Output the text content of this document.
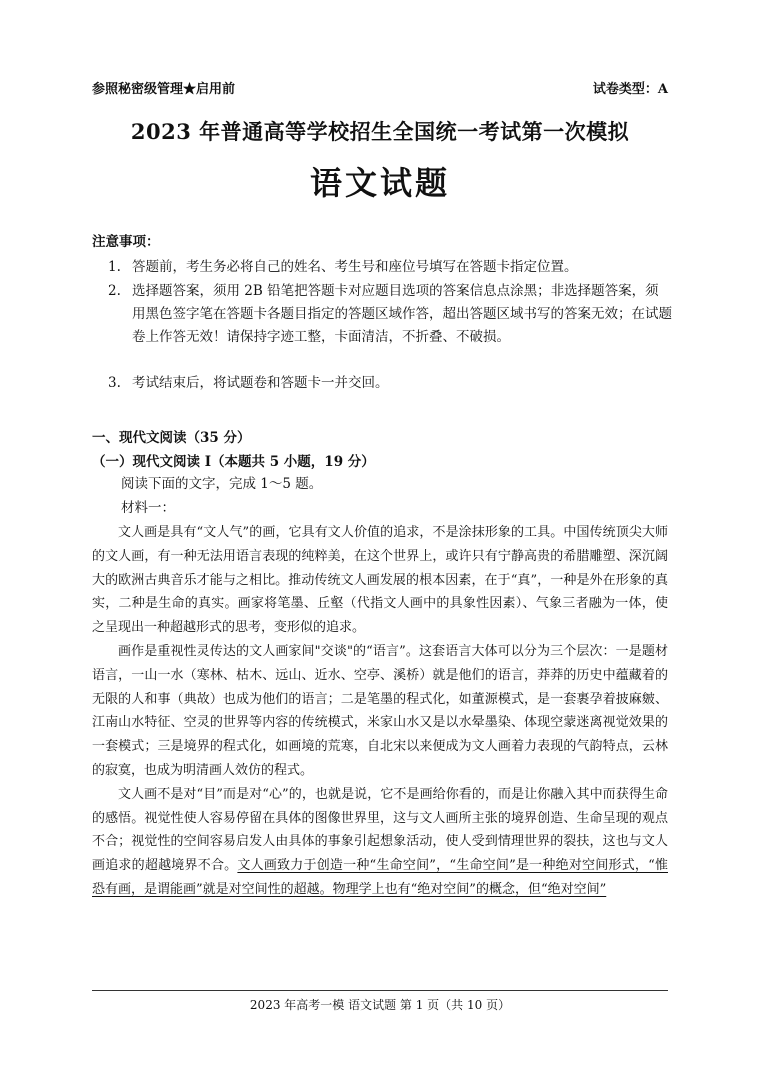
参照秘密级管理★启用前	试卷类型：A
2023 年普通高等学校招生全国统一考试第一次模拟
语文试题
注意事项：
1. 答题前，考生务必将自己的姓名、考生号和座位号填写在答题卡指定位置。
2. 选择题答案，须用 2B 铅笔把答题卡对应题目选项的答案信息点涂黑；非选择题答案，须用黑色签字笔在答题卡各题目指定的答题区域作答，超出答题区域书写的答案无效；在试题卷上作答无效！请保持字迹工整，卡面清洁，不折叠、不破损。
3. 考试结束后，将试题卷和答题卡一并交回。
一、现代文阅读（35 分）
（一）现代文阅读 I（本题共 5 小题，19 分）
阅读下面的文字，完成 1～5 题。
材料一：

文人画是具有“文人气”的画，它具有文人价值的追求，不是涂抹形象的工具。中国传统顶尖大师的文人画，有一种无法用语言表现的纯粹美，在这个世界上，或许只有宁静高贵的希腊雕塑、深沉阔大的欧洲古典音乐才能与之相比。推动传统文人画发展的根本因素，在于“真”，一种是外在形象的真实，二种是生命的真实。画家将笔墨、丘壑（代指文人画中的具象性因素）、气象三者融为一体，使之呈现出一种超越形式的思考，变形似的追求。

画作是重视性灵传达的文人画家间"交谈"的“语言”。这套语言大体可以分为三个层次：一是题材语言，一山一水（寒林、枯木、远山、近水、空亭、溪桥）就是他们的语言，莽莽的历史中蕴藏着的无限的人和事（典故）也成为他们的语言；二是笔墨的程式化，如董源模式，是一套裹孕着披麻皴、江南山水特征、空灵的世界等内容的传统模式，米家山水又是以水晕墨染、体现空蒙迷离视觉效果的一套模式；三是境界的程式化，如画境的荒寒，自北宋以来便成为文人画着力表现的气韵特点，云林的寂寞，也成为明清画人效仿的程式。

文人画不是对“目”而是对“心”的，也就是说，它不是画给你看的，而是让你融入其中而获得生命的感悟。视觉性使人容易停留在具体的图像世界里，这与文人画所主张的境界创造、生命呈现的观点不合；视觉性的空间容易启发人由具体的事象引起想象活动，使人受到情理世界的裂扶，这也与文人画追求的超越境界不合。文人画致力于创造一种“生命空间”，“生命空间”是一种绝对空间形式，“惟恐有画，是谓能画”就是对空间性的超越。物理学上也有“绝对空间”的概念，但“绝对空间”

2023 年高考一模 语文试题 第 1 页（共 10 页）
